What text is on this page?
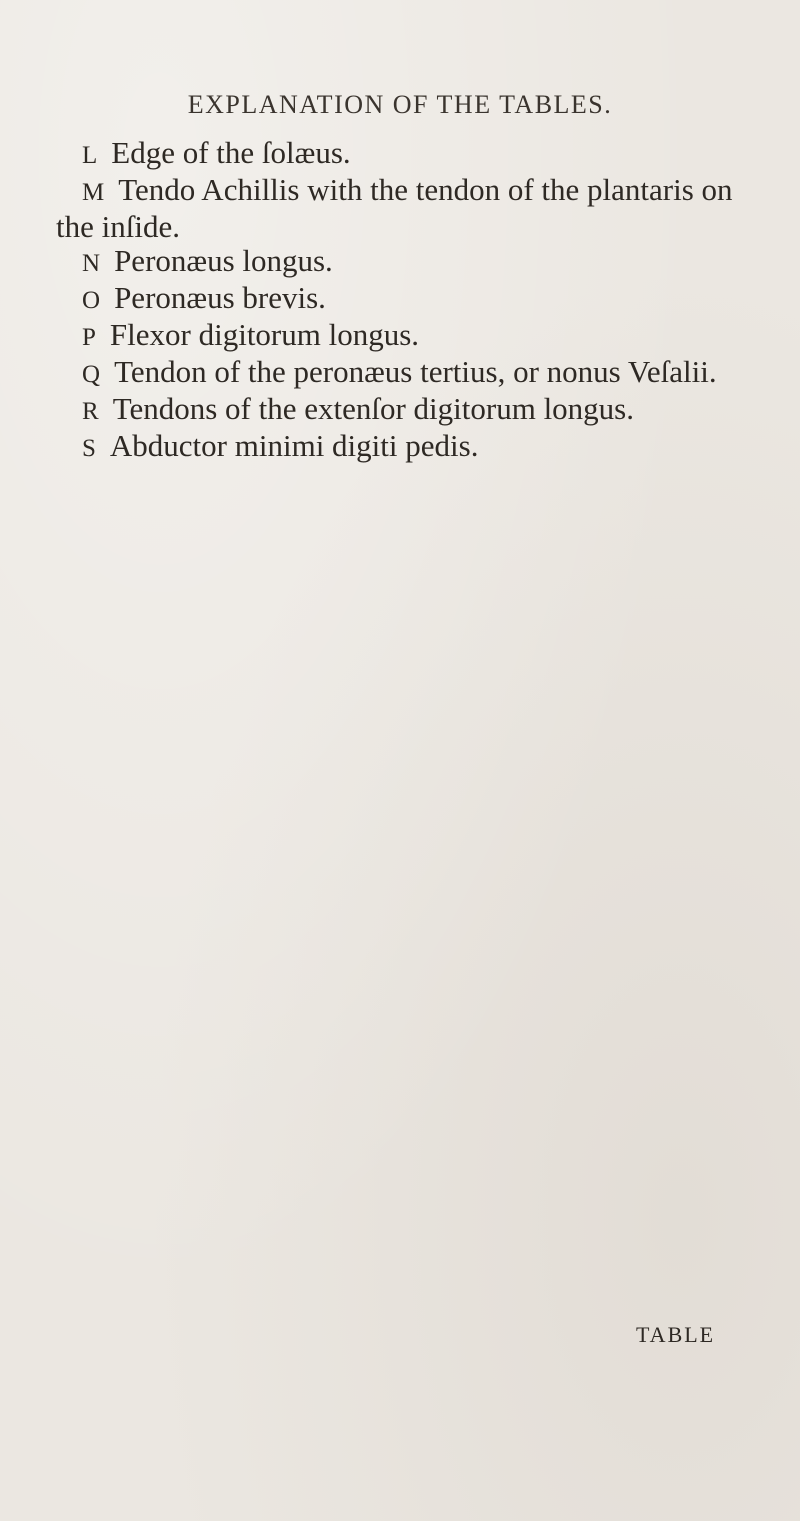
EXPLANATION OF THE TABLES.

L Edge of the ſolæus.

M Tendo Achillis with the tendon of the plantaris on the inſide.

N Peronæus longus.

O Peronæus brevis.

P Flexor digitorum longus.

Q Tendon of the peronæus tertius, or nonus Veſalii.

R Tendons of the extenſor digitorum longus.

S Abductor minimi digiti pedis.

TABLE
